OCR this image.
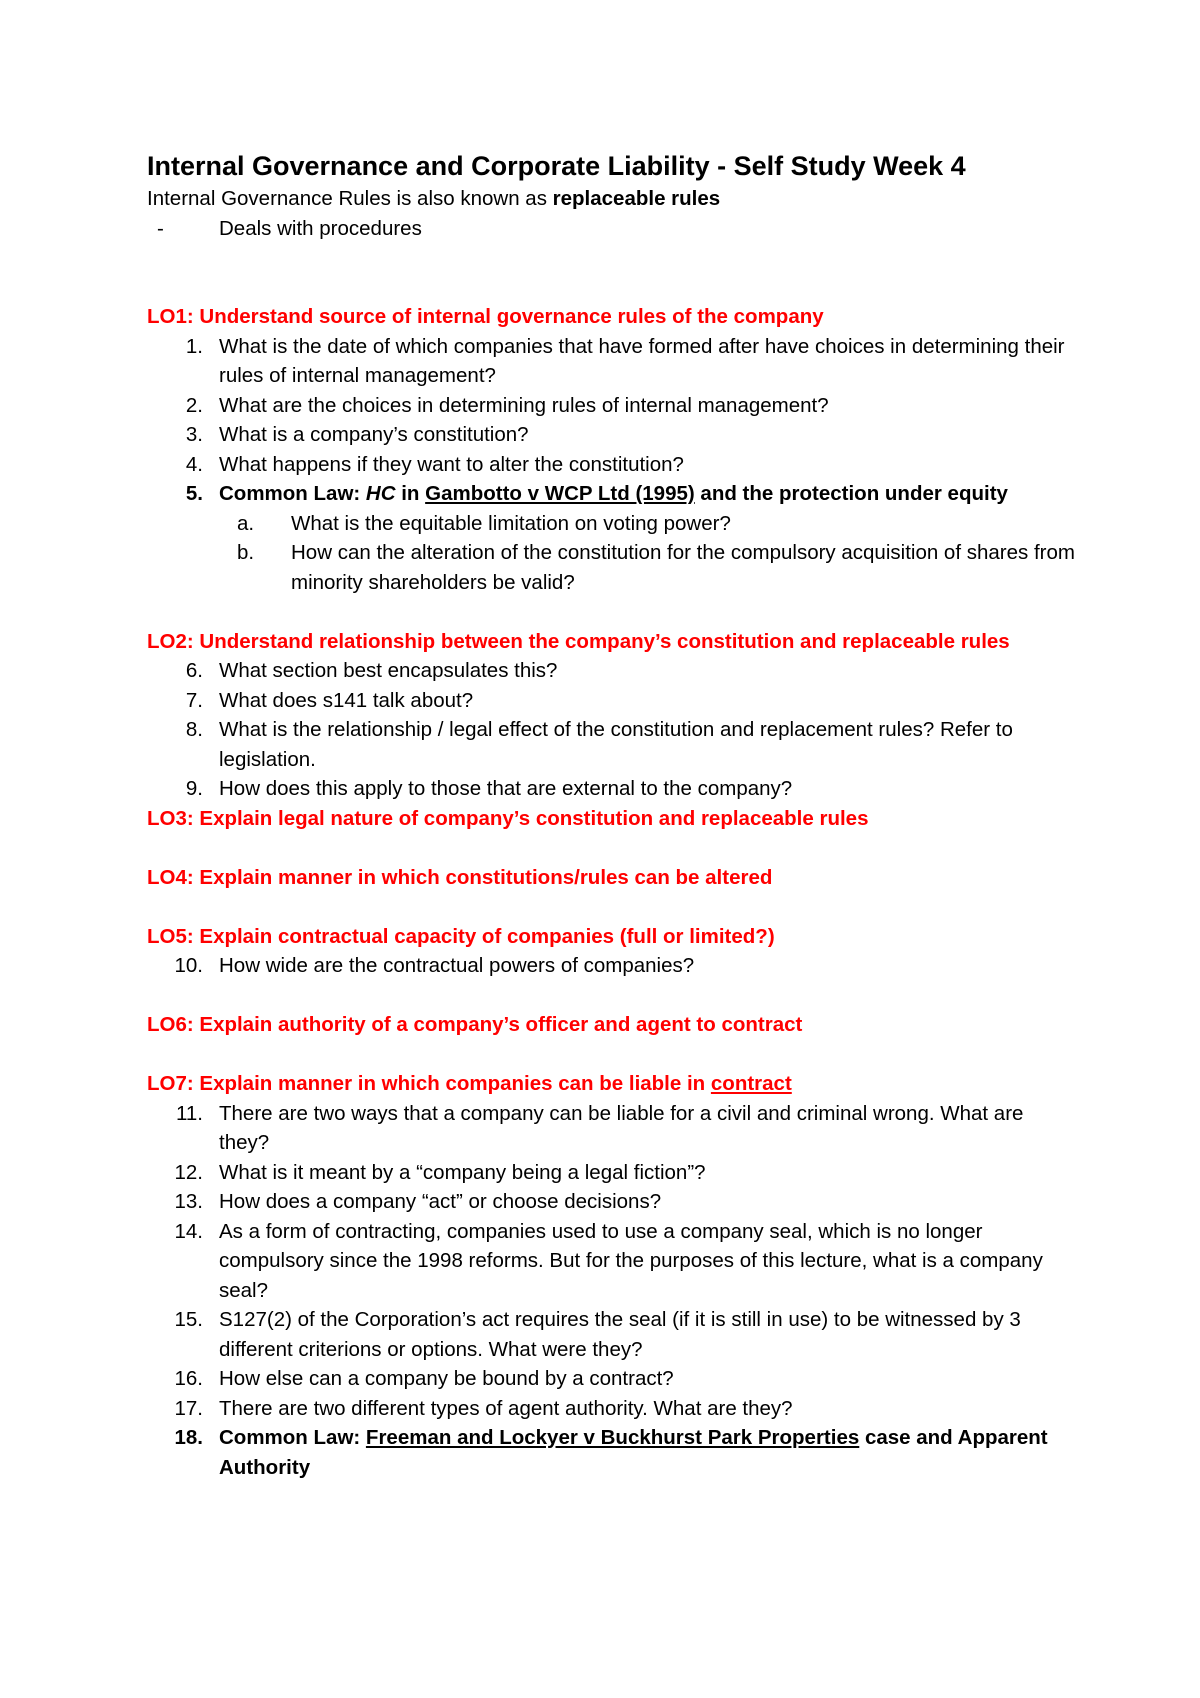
Internal Governance and Corporate Liability - Self Study Week 4

Internal Governance Rules is also known as replaceable rules

-	Deals with procedures

LO1: Understand source of internal governance rules of the company

1. What is the date of which companies that have formed after have choices in determining their rules of internal management?
2. What are the choices in determining rules of internal management?
3. What is a company’s constitution?
4. What happens if they want to alter the constitution?
5. Common Law: HC in Gambotto v WCP Ltd (1995) and the protection under equity
a.	What is the equitable limitation on voting power?
b.	How can the alteration of the constitution for the compulsory acquisition of shares from minority shareholders be valid?

LO2: Understand relationship between the company’s constitution and replaceable rules

6. What section best encapsulates this?
7. What does s141 talk about?
8. What is the relationship / legal effect of the constitution and replacement rules? Refer to legislation.
9. How does this apply to those that are external to the company?

LO3: Explain legal nature of company’s constitution and replaceable rules

LO4: Explain manner in which constitutions/rules can be altered

LO5: Explain contractual capacity of companies (full or limited?)

10. How wide are the contractual powers of companies?

LO6: Explain authority of a company’s officer and agent to contract

LO7: Explain manner in which companies can be liable in contract

11. There are two ways that a company can be liable for a civil and criminal wrong. What are they?
12. What is it meant by a “company being a legal fiction”?
13. How does a company “act” or choose decisions?
14. As a form of contracting, companies used to use a company seal, which is no longer compulsory since the 1998 reforms. But for the purposes of this lecture, what is a company seal?
15. S127(2) of the Corporation’s act requires the seal (if it is still in use) to be witnessed by 3 different criterions or options. What were they?
16. How else can a company be bound by a contract?
17. There are two different types of agent authority. What are they?
18. Common Law: Freeman and Lockyer v Buckhurst Park Properties case and Apparent Authority
